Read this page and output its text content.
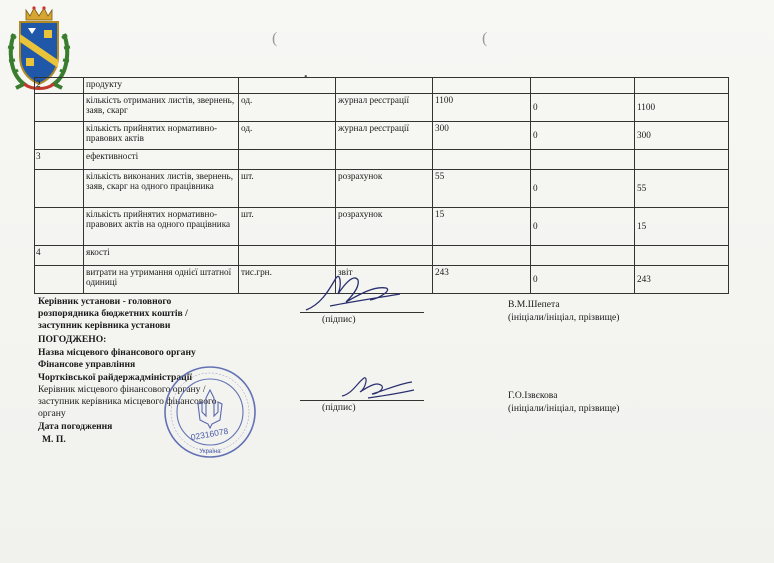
(	(
•
2	продукту					
	кількість отриманих листів, звернень, заяв, скарг	од.	журнал реєстрації	1100	0	1100
	кількість прийнятих нормативно-правових актів	од.	журнал реєстрації	300	0	300
3	ефективності					
	кількість виконаних листів, звернень, заяв, скарг на одного працівника	шт.	розрахунок	55	0	55
	кількість прийнятих нормативно-правових актів на одного працівника	шт.	розрахунок	15	0	15
4	якості					
	витрати на утримання однієї штатної одиниці	тис.грн.	звіт	243	0	243
Керівник установи - головного
розпорядника бюджетних коштів /
заступник керівника установи
(підпис)
В.М.Шепета
(ініціали/ініціал, прізвище)
ПОГОДЖЕНО:
Назва місцевого фінансового органу
Фінансове управління
Чортківської райдержадміністрації
Керівник місцевого фінансового органу /
заступник керівника місцевого фінансового
органу
Дата погодження
М. П.	02316078
Україна
(підпис)
Г.О.Ізвєкова
(ініціали/ініціал, прізвище)
